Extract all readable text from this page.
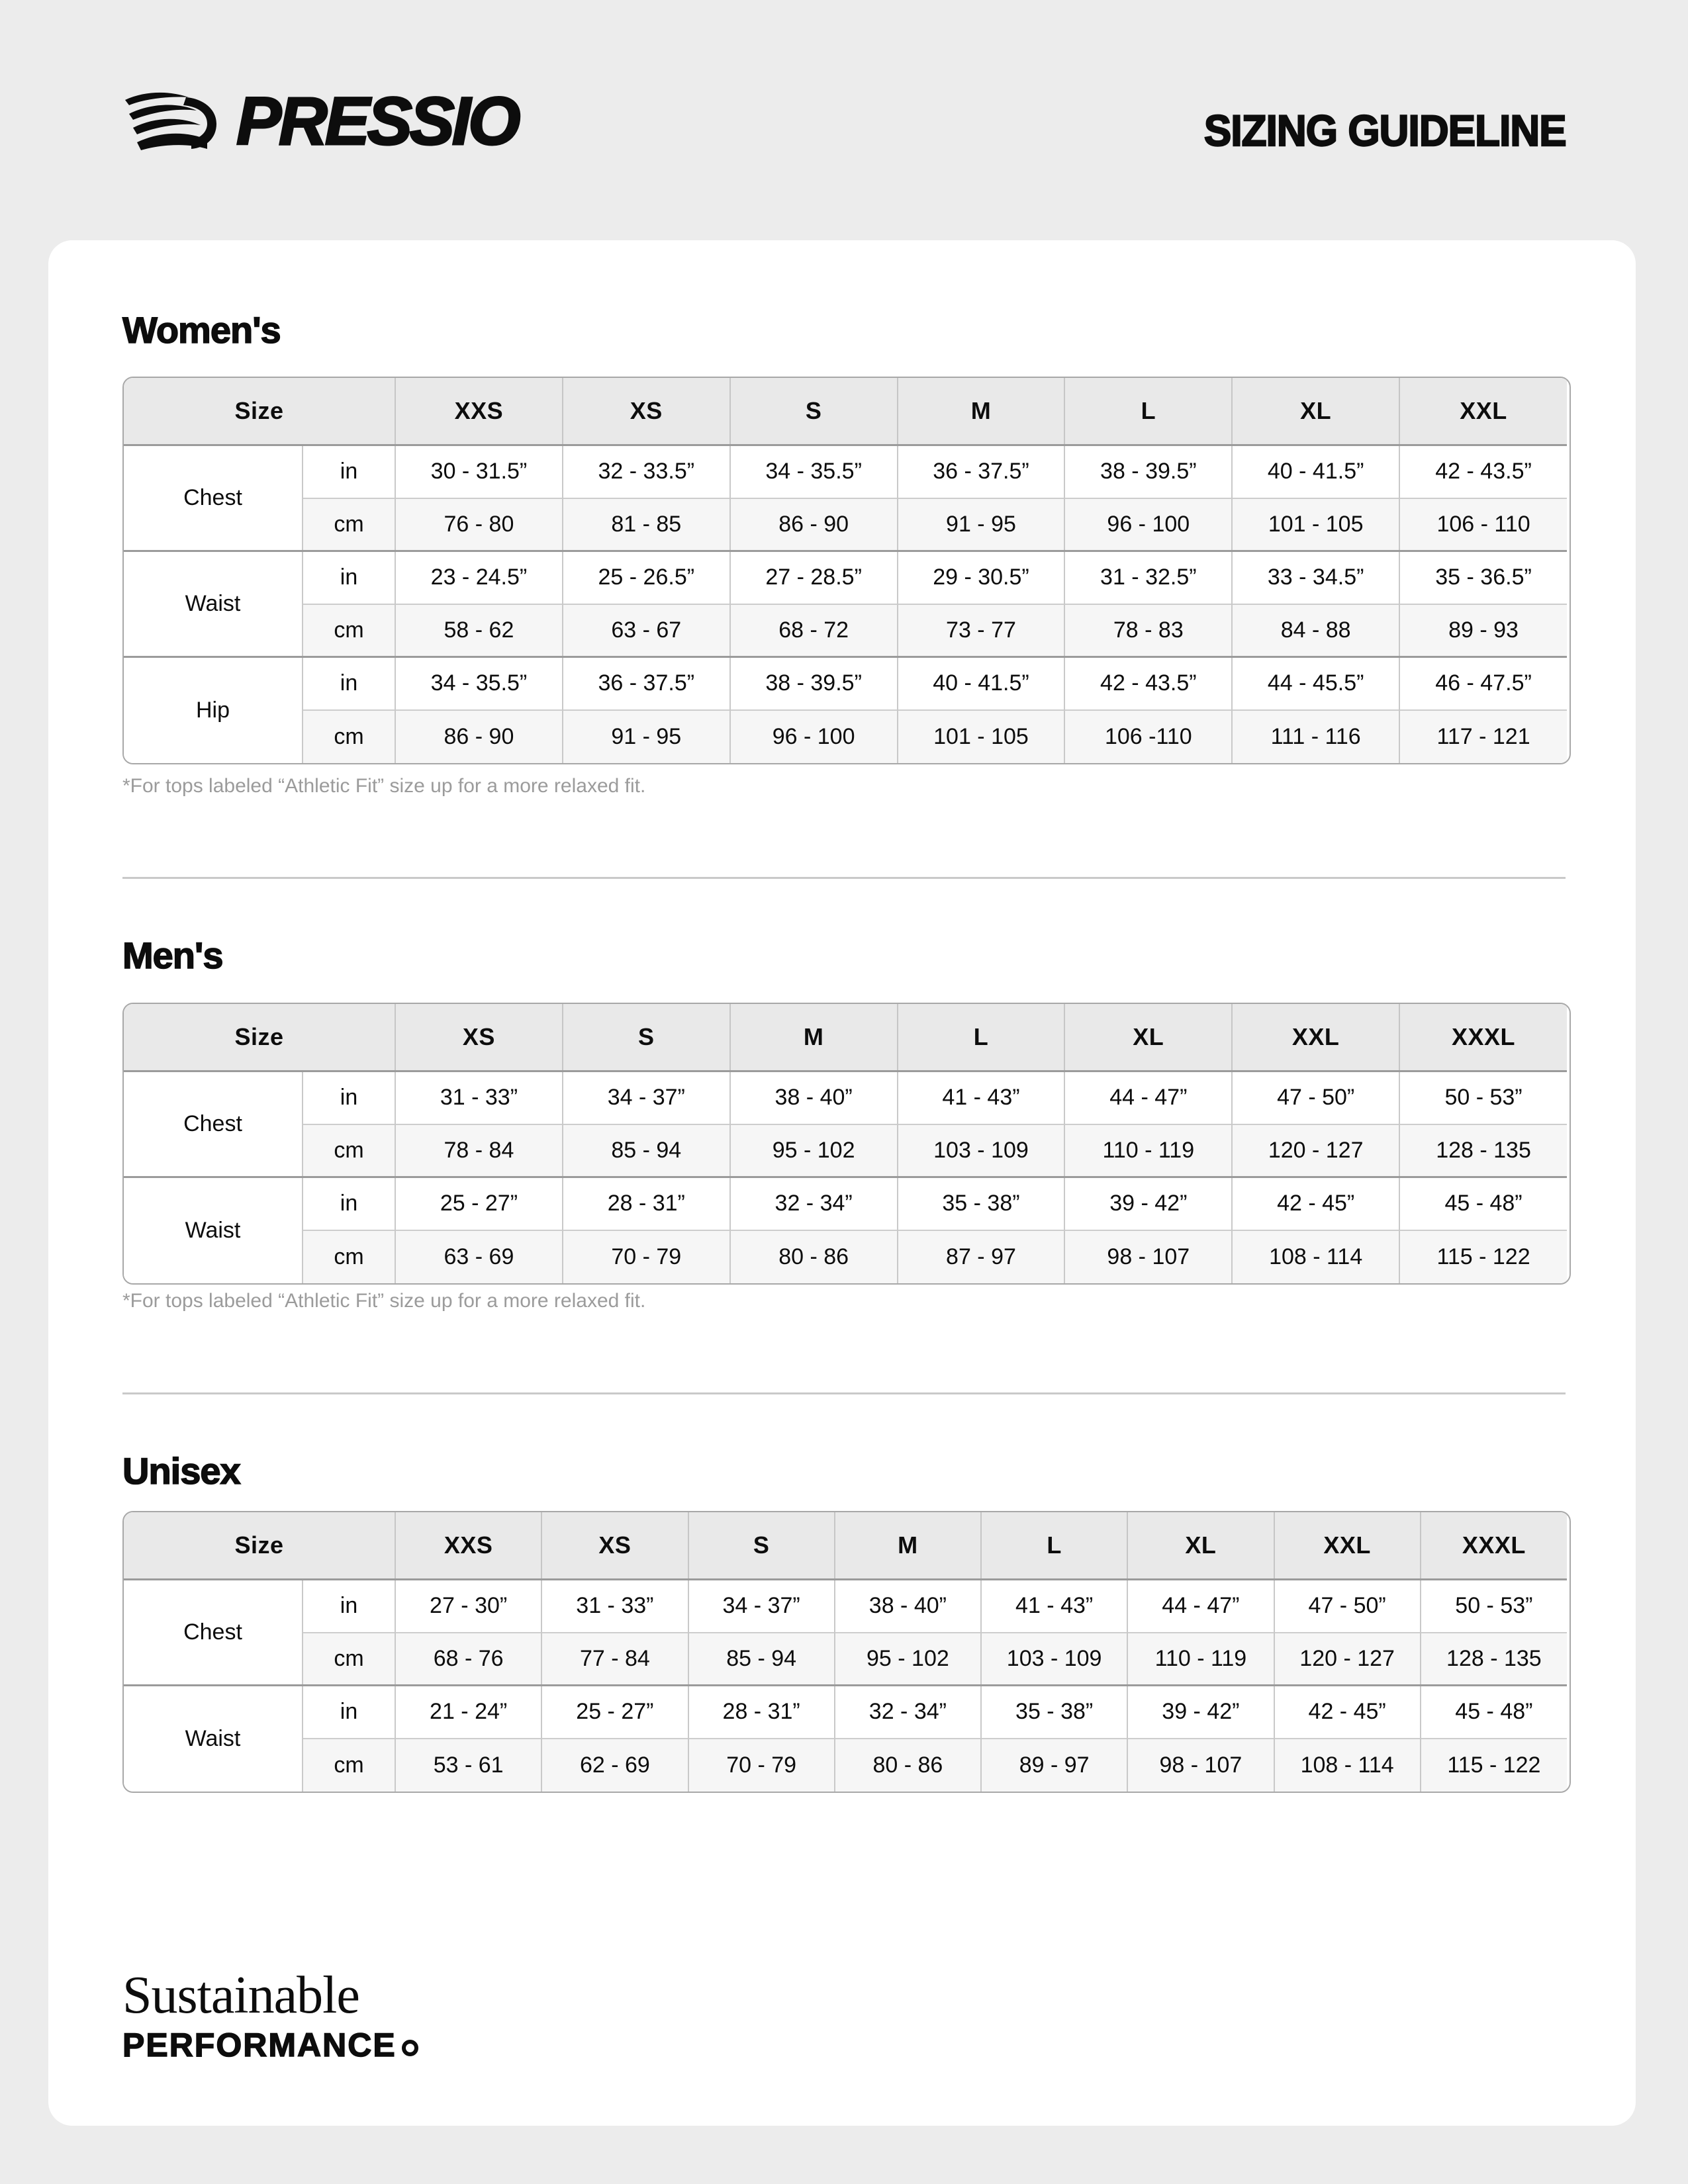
PRESSIO	SIZING GUIDELINE
Women's
Size		XXS	XS	S	M	L	XL	XXL
Chest	in	30 - 31.5”	32 - 33.5”	34 - 35.5”	36 - 37.5”	38 - 39.5”	40 - 41.5”	42 - 43.5”
	cm	76 - 80	81 - 85	86 - 90	91 - 95	96 - 100	101 - 105	106 - 110
Waist	in	23 - 24.5”	25 - 26.5”	27 - 28.5”	29 - 30.5”	31 - 32.5”	33 - 34.5”	35 - 36.5”
	cm	58 - 62	63 - 67	68 - 72	73 - 77	78 - 83	84 - 88	89 - 93
Hip	in	34 - 35.5”	36 - 37.5”	38 - 39.5”	40 - 41.5”	42 - 43.5”	44 - 45.5”	46 - 47.5”
	cm	86 - 90	91 - 95	96 - 100	101 - 105	106 -110	111 - 116	117 - 121
*For tops labeled “Athletic Fit” size up for a more relaxed fit.
Men's
Size		XS	S	M	L	XL	XXL	XXXL
Chest	in	31 - 33”	34 - 37”	38 - 40”	41 - 43”	44 - 47”	47 - 50”	50 - 53”
	cm	78 - 84	85 - 94	95 - 102	103 - 109	110 - 119	120 - 127	128 - 135
Waist	in	25 - 27”	28 - 31”	32 - 34”	35 - 38”	39 - 42”	42 - 45”	45 - 48”
	cm	63 - 69	70 - 79	80 - 86	87 - 97	98 - 107	108 - 114	115 - 122
*For tops labeled “Athletic Fit” size up for a more relaxed fit.
Unisex
Size		XXS	XS	S	M	L	XL	XXL	XXXL
Chest	in	27 - 30”	31 - 33”	34 - 37”	38 - 40”	41 - 43”	44 - 47”	47 - 50”	50 - 53”
	cm	68 - 76	77 - 84	85 - 94	95 - 102	103 - 109	110 - 119	120 - 127	128 - 135
Waist	in	21 - 24”	25 - 27”	28 - 31”	32 - 34”	35 - 38”	39 - 42”	42 - 45”	45 - 48”
	cm	53 - 61	62 - 69	70 - 79	80 - 86	89 - 97	98 - 107	108 - 114	115 - 122
Sustainable
PERFORMANCE
